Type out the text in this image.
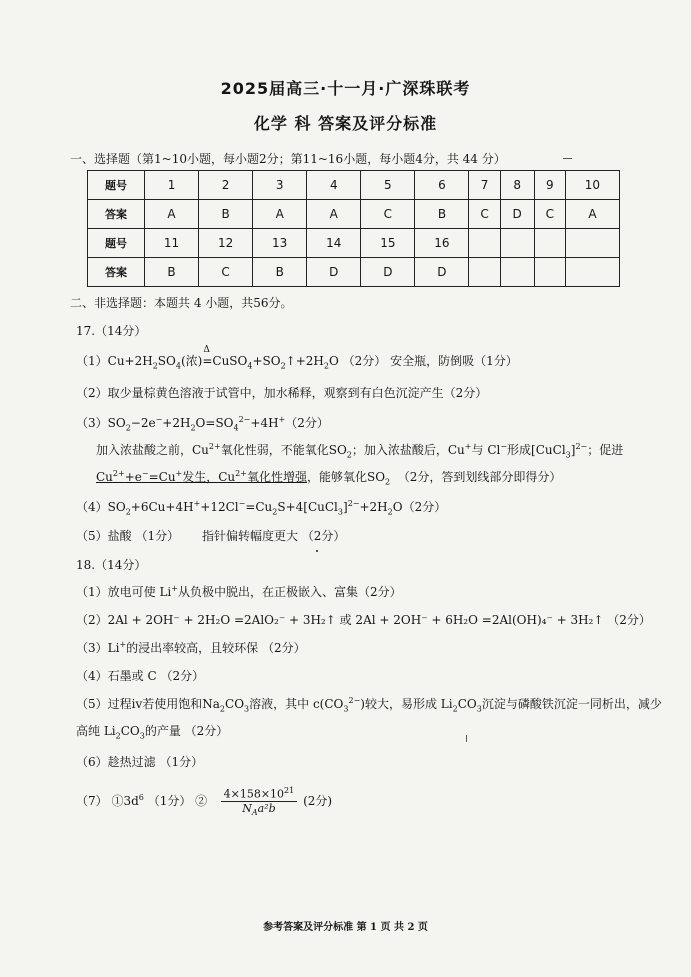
2025届高三·十一月·广深珠联考
化学 科 答案及评分标准
一、选择题（第1~10小题，每小题2分；第11~16小题，每小题4分，共 44 分）
题号	1	2	3	4	5	6	7	8	9	10
答案	A	B	A	A	C	B	C	D	C	A
题号	11	12	13	14	15	16				
答案	B	C	B	D	D	D				
二、非选择题：本题共 4 小题，共56分。
17.（14分）
$(1)Cu+2H_2SO_4$(浓)=
Δ
$CuSO_4+SO_2↑+2H_2O$ （2分） 安全瓶，防倒吸（1分）
（2）取少量棕黄色溶液于试管中，加水稀释，观察到有白色沉淀产生（2分）
$(3)SO_2-2e^-+2H_2O=SO_4^{2-}+4H^+(2$分）
加入浓盐酸之前，$Cu^{2+}$氧化性弱，不能氧化$SO_2$；加入浓盐酸后，Cu+与 Cl−形成[CuCl$_3$]$^{2-}$；促进
$Cu^{2+}+e^-=Cu^+$发生，$Cu^{2+}$氧化性增强，能够氧化$SO_2$ （2分，答到划线部分即得分）
$(4)SO_2+6Cu+4H^++12Cl^-=Cu_2S+4[CuCl_3]^{2-}+2H_2O(2$分）
（5）盐酸 （1分） 指针偏转幅度更大 （2分）
18.（14分）
（1）放电可使 Li+从负极中脱出，在正极嵌入、富集（2分）
（2）2Al + 2OH⁻ + 2H₂O =2AlO₂⁻ + 3H₂↑ 或 2Al + 2OH⁻ + 6H₂O =2Al(OH)₄⁻ + 3H₂↑ （2分）
（3）Li+的浸出率较高，且较环保 （2分）
（4）石墨或 C （2分）
（5）过程iv若使用饱和$Na_2CO_3$溶液，其中 $c(CO_3^{2-})$较大，易形成 $Li_2CO_3$沉淀与磷酸铁沉淀一同析出，减少
高纯 $Li_2CO_3$的产量 （2分）
（6）趁热过滤 （1分）
（7） $①3d^6$ （1分） ② $\frac{4\times 158\times 10^{21}}{N_Aa^2b} (2$分)
参考答案及评分标准 第 1 页 共 2 页
